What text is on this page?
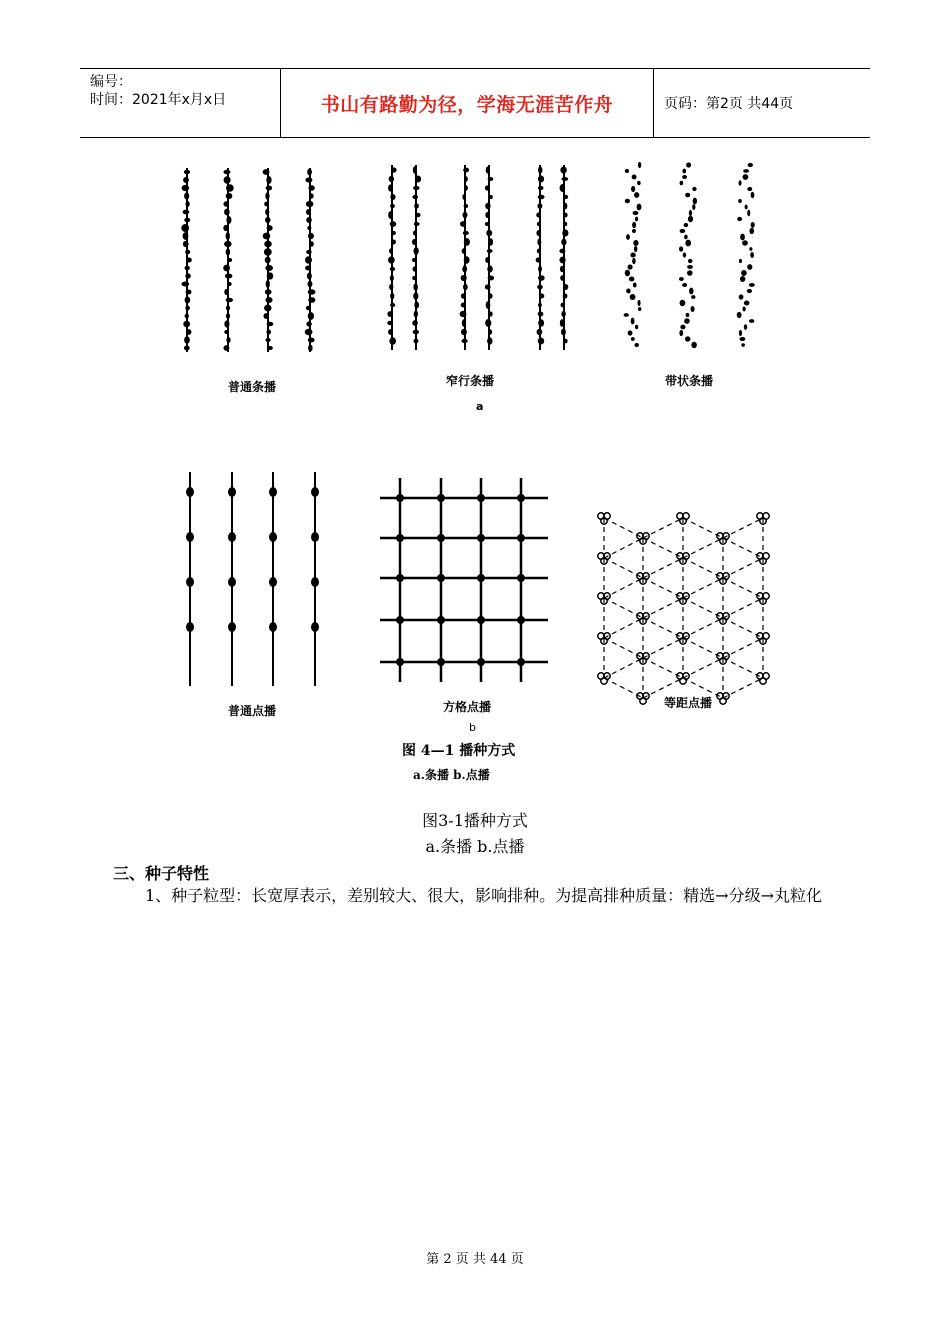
编号：
时间：2021年x月x日	书山有路勤为径，学海无涯苦作舟	页码：第2页 共44页
普通条播	窄行条播	带状条播
a
普通点播	方格点播	等距点播
b
图 4—1 播种方式
a.条播 b.点播
图3-1播种方式
a.条播 b.点播
三、种子特性
1、种子粒型：长宽厚表示，差别较大、很大，影响排种。为提高排种质量：精选→分级→丸粒化
第 2 页 共 44 页
